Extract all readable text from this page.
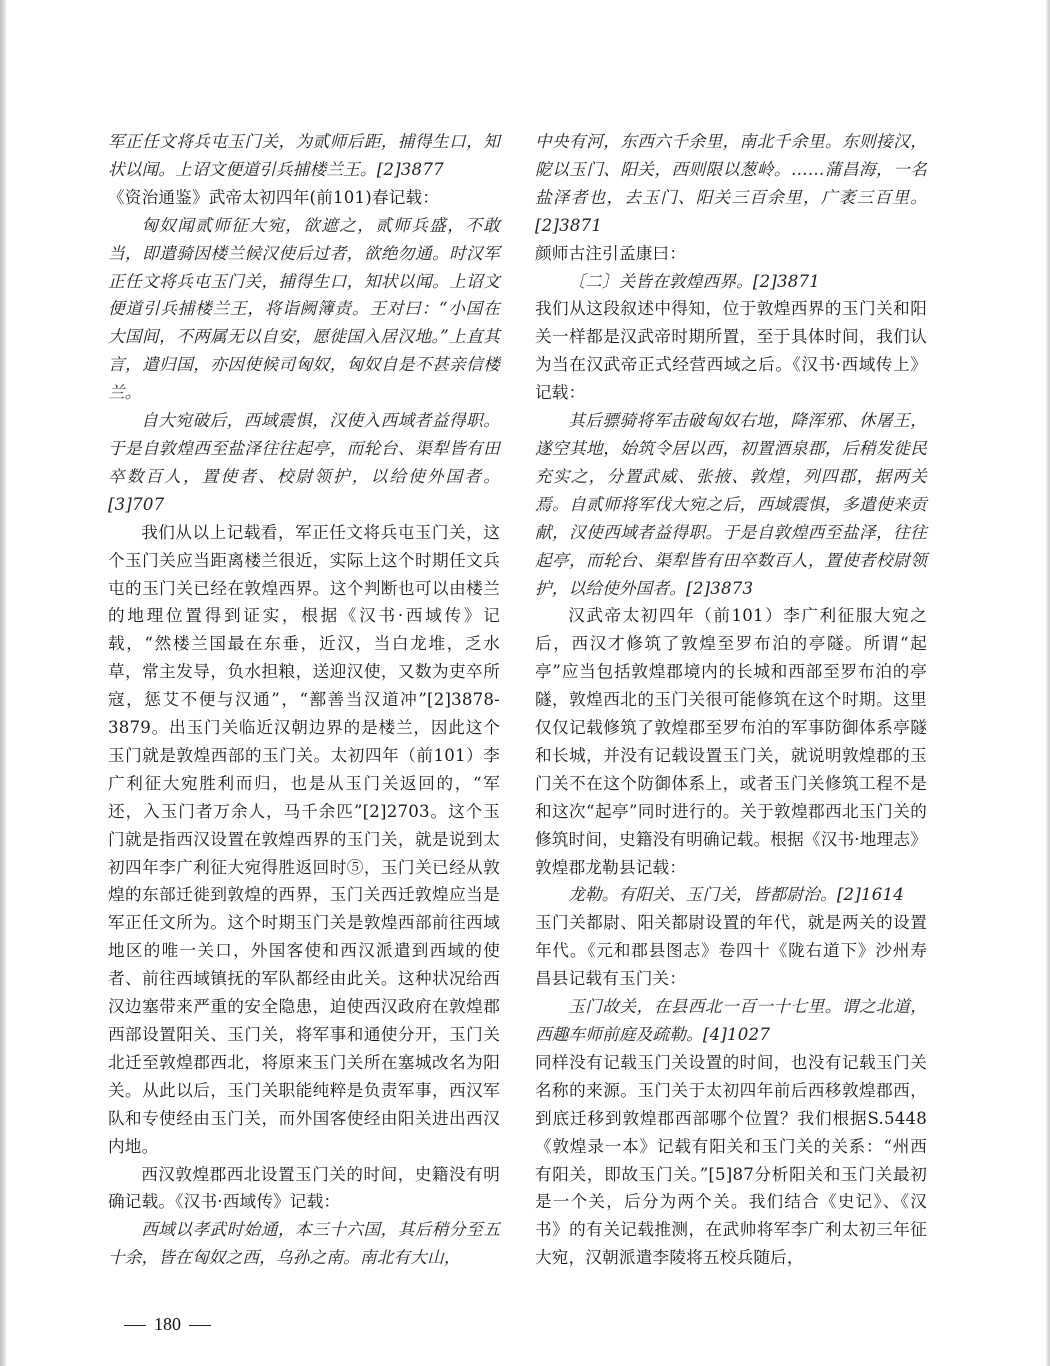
军正任文将兵屯玉门关，为贰师后距，捕得生口，知状以闻。上诏文便道引兵捕楼兰王。[2]3877

《资治通鉴》武帝太初四年(前101)春记载：

匈奴闻贰师征大宛，欲遮之，贰师兵盛，不敢当，即遣骑因楼兰候汉使后过者，欲绝勿通。时汉军正任文将兵屯玉门关，捕得生口，知状以闻。上诏文便道引兵捕楼兰王，将诣阙簿责。王对曰：“小国在大国间，不两属无以自安，愿徙国入居汉地。”上直其言，遣归国，亦因使候司匈奴，匈奴自是不甚亲信楼兰。

自大宛破后，西域震惧，汉使入西域者益得职。于是自敦煌西至盐泽往往起亭，而轮台、渠犁皆有田卒数百人，置使者、校尉领护，以给使外国者。[3]707

我们从以上记载看，军正任文将兵屯玉门关，这个玉门关应当距离楼兰很近，实际上这个时期任文兵屯的玉门关已经在敦煌西界。这个判断也可以由楼兰的地理位置得到证实，根据《汉书·西域传》记载，“然楼兰国最在东垂，近汉，当白龙堆，乏水草，常主发导，负水担粮，送迎汉使，又数为吏卒所寇，惩艾不便与汉通”，“鄯善当汉道冲”[2]3878-3879。出玉门关临近汉朝边界的是楼兰，因此这个玉门就是敦煌西部的玉门关。太初四年（前101）李广利征大宛胜利而归，也是从玉门关返回的，“军还，入玉门者万余人，马千余匹”[2]2703。这个玉门就是指西汉设置在敦煌西界的玉门关，就是说到太初四年李广利征大宛得胜返回时⑤，玉门关已经从敦煌的东部迁徙到敦煌的西界，玉门关西迁敦煌应当是军正任文所为。这个时期玉门关是敦煌西部前往西域地区的唯一关口，外国客使和西汉派遣到西域的使者、前往西域镇抚的军队都经由此关。这种状况给西汉边塞带来严重的安全隐患，迫使西汉政府在敦煌郡西部设置阳关、玉门关，将军事和通使分开，玉门关北迁至敦煌郡西北，将原来玉门关所在塞城改名为阳关。从此以后，玉门关职能纯粹是负责军事，西汉军队和专使经由玉门关，而外国客使经由阳关进出西汉内地。

西汉敦煌郡西北设置玉门关的时间，史籍没有明确记载。《汉书·西域传》记载：

西域以孝武时始通，本三十六国，其后稍分至五十余，皆在匈奴之西，乌孙之南。南北有大山，

中央有河，东西六千余里，南北千余里。东则接汉，阸以玉门、阳关，西则限以葱岭。……蒲昌海，一名盐泽者也，去玉门、阳关三百余里，广袤三百里。[2]3871

颜师古注引孟康曰：

〔二〕关皆在敦煌西界。[2]3871

我们从这段叙述中得知，位于敦煌西界的玉门关和阳关一样都是汉武帝时期所置，至于具体时间，我们认为当在汉武帝正式经营西域之后。《汉书·西域传上》记载：

其后骠骑将军击破匈奴右地，降浑邪、休屠王，遂空其地，始筑令居以西，初置酒泉郡，后稍发徙民充实之，分置武威、张掖、敦煌，列四郡，据两关焉。自贰师将军伐大宛之后，西域震惧，多遣使来贡献，汉使西域者益得职。于是自敦煌西至盐泽，往往起亭，而轮台、渠犁皆有田卒数百人，置使者校尉领护，以给使外国者。[2]3873

汉武帝太初四年（前101）李广利征服大宛之后，西汉才修筑了敦煌至罗布泊的亭隧。所谓“起亭”应当包括敦煌郡境内的长城和西部至罗布泊的亭隧，敦煌西北的玉门关很可能修筑在这个时期。这里仅仅记载修筑了敦煌郡至罗布泊的军事防御体系亭隧和长城，并没有记载设置玉门关，就说明敦煌郡的玉门关不在这个防御体系上，或者玉门关修筑工程不是和这次“起亭”同时进行的。关于敦煌郡西北玉门关的修筑时间，史籍没有明确记载。根据《汉书·地理志》敦煌郡龙勒县记载：

龙勒。有阳关、玉门关，皆都尉治。[2]1614

玉门关都尉、阳关都尉设置的年代，就是两关的设置年代。《元和郡县图志》卷四十《陇右道下》沙州寿昌县记载有玉门关：

玉门故关，在县西北一百一十七里。谓之北道，西趣车师前庭及疏勒。[4]1027

同样没有记载玉门关设置的时间，也没有记载玉门关名称的来源。玉门关于太初四年前后西移敦煌郡西，到底迁移到敦煌郡西部哪个位置？我们根据S.5448《敦煌录一本》记载有阳关和玉门关的关系：“州西有阳关，即故玉门关。”[5]87分析阳关和玉门关最初是一个关，后分为两个关。我们结合《史记》、《汉书》的有关记载推测，在武帅将军李广利太初三年征大宛，汉朝派遣李陵将五校兵随后，

180
